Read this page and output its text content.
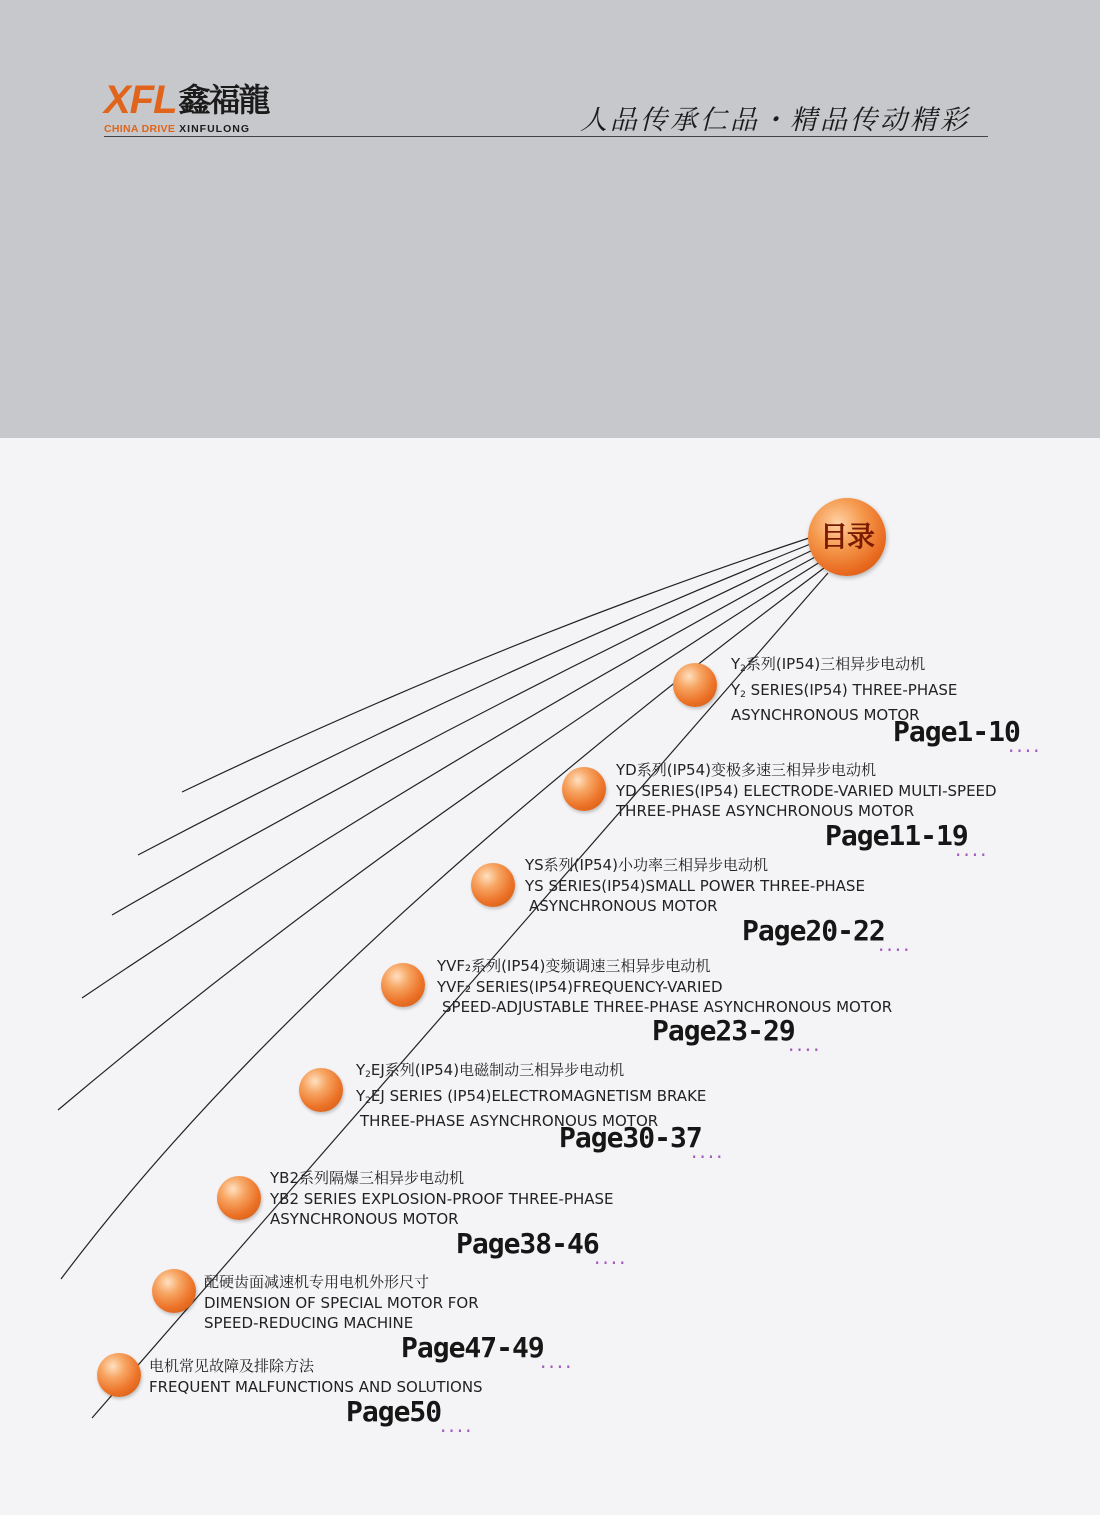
XFL鑫福龍
CHINA DRIVE XINFULONG	人品传承仁品・精品传动精彩
目录
$Y_2$系列(IP54)三相异步电动机
$Y_2$ SERIES(IP54) THREE-PHASE
ASYNCHRONOUS MOTOR
Page1-10
....
YD系列(IP54)变极多速三相异步电动机
YD SERIES(IP54) ELECTRODE-VARIED MULTI-SPEED
THREE-PHASE ASYNCHRONOUS MOTOR
Page11-19
....
YS系列(IP54)小功率三相异步电动机
YS SERIES(IP54)SMALL POWER THREE-PHASE
ASYNCHRONOUS MOTOR
Page20-22
....
YVF₂系列(IP54)变频调速三相异步电动机
YVF₂ SERIES(IP54)FREQUENCY-VARIED
SPEED-ADJUSTABLE THREE-PHASE ASYNCHRONOUS MOTOR
Page23-29
....
$Y_2EJ$系列(IP54)电磁制动三相异步电动机
$Y_2EJ$ SERIES (IP54)ELECTROMAGNETISM BRAKE
THREE-PHASE ASYNCHRONOUS MOTOR
Page30-37
....
YB2系列隔爆三相异步电动机
YB2 SERIES EXPLOSION-PROOF THREE-PHASE
ASYNCHRONOUS MOTOR
Page38-46
....
配硬齿面减速机专用电机外形尺寸
DIMENSION OF SPECIAL MOTOR FOR
SPEED-REDUCING MACHINE
Page47-49
....
电机常见故障及排除方法
FREQUENT MALFUNCTIONS AND SOLUTIONS
Page50
....
